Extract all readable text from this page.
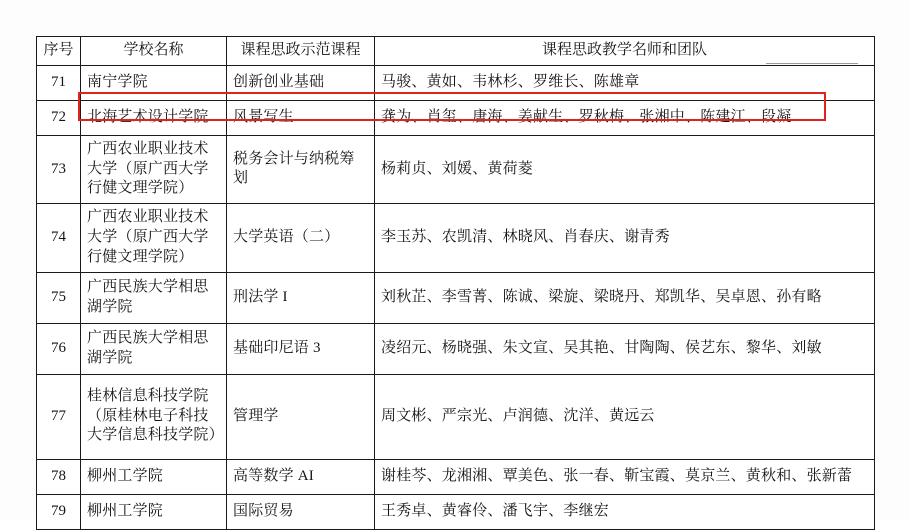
序号	学校名称	课程思政示范课程	课程思政教学名师和团队
71	南宁学院	创新创业基础	马骏、黄如、韦林杉、罗维长、陈雄章
72	北海艺术设计学院	风景写生	龚为、肖玺、唐海、姜献生、罗秋梅、张湘中、陈建江、段凝
73	广西农业职业技术大学（原广西大学行健文理学院）	税务会计与纳税筹划	杨莉贞、刘媛、黄荷菱
74	广西农业职业技术大学（原广西大学行健文理学院）	大学英语（二）	李玉苏、农凯清、林晓风、肖春庆、谢青秀
75	广西民族大学相思湖学院	刑法学 I	刘秋芷、李雪菁、陈诚、梁旋、梁晓丹、郑凯华、吴卓恩、孙有略
76	广西民族大学相思湖学院	基础印尼语 3	凌绍元、杨晓强、朱文宣、吴其艳、甘陶陶、侯艺东、黎华、刘敏
77	桂林信息科技学院（原桂林电子科技大学信息科技学院）	管理学	周文彬、严宗光、卢润德、沈洋、黄远云
78	柳州工学院	高等数学 AI	谢桂芩、龙湘湘、覃美色、张一春、靳宝霞、莫京兰、黄秋和、张新蕾
79	柳州工学院	国际贸易	王秀卓、黄睿伶、潘飞宇、李继宏
